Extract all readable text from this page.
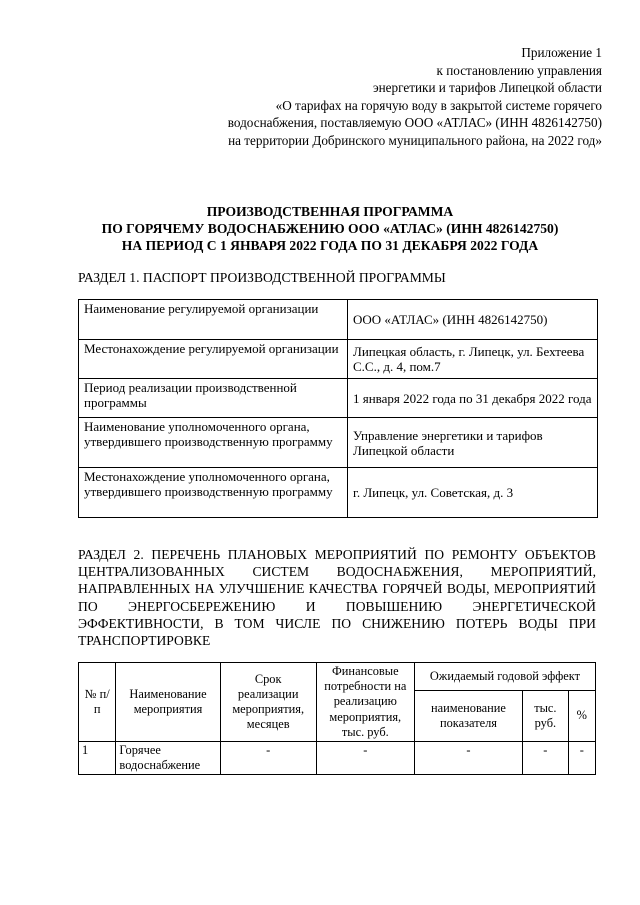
Приложение 1
к постановлению управления
энергетики и тарифов Липецкой области
«О тарифах на горячую воду в закрытой системе горячего
водоснабжения, поставляемую ООО «АТЛАС» (ИНН 4826142750)
на территории Добринского муниципального района, на 2022 год»
ПРОИЗВОДСТВЕННАЯ ПРОГРАММА
ПО ГОРЯЧЕМУ ВОДОСНАБЖЕНИЮ ООО «АТЛАС» (ИНН 4826142750)
НА ПЕРИОД С 1 ЯНВАРЯ 2022 ГОДА ПО 31 ДЕКАБРЯ 2022 ГОДА
РАЗДЕЛ 1. ПАСПОРТ ПРОИЗВОДСТВЕННОЙ ПРОГРАММЫ
Наименование регулируемой организации	ООО «АТЛАС» (ИНН 4826142750)
Местонахождение регулируемой организации	Липецкая область, г. Липецк, ул. Бехтеева С.С., д. 4, пом.7
Период реализации производственной программы	1 января 2022 года по 31 декабря 2022 года
Наименование уполномоченного органа, утвердившего производственную программу	Управление энергетики и тарифов Липецкой области
Местонахождение уполномоченного органа, утвердившего производственную программу	г. Липецк, ул. Советская, д. 3
РАЗДЕЛ 2. ПЕРЕЧЕНЬ ПЛАНОВЫХ МЕРОПРИЯТИЙ ПО РЕМОНТУ ОБЪЕКТОВ ЦЕНТРАЛИЗОВАННЫХ СИСТЕМ ВОДОСНАБЖЕНИЯ, МЕРОПРИЯТИЙ, НАПРАВЛЕННЫХ НА УЛУЧШЕНИЕ КАЧЕСТВА ГОРЯЧЕЙ ВОДЫ, МЕРОПРИЯТИЙ ПО ЭНЕРГОСБЕРЕЖЕНИЮ И ПОВЫШЕНИЮ ЭНЕРГЕТИЧЕСКОЙ ЭФФЕКТИВНОСТИ, В ТОМ ЧИСЛЕ ПО СНИЖЕНИЮ ПОТЕРЬ ВОДЫ ПРИ ТРАНСПОРТИРОВКЕ
№ п/п	Наименование мероприятия	Срок реализации мероприятия, месяцев	Финансовые потребности на реализацию мероприятия, тыс. руб.	Ожидаемый годовой эффект		
				наименование показателя	тыс. руб.	%
1	Горячее водоснабжение	-	-	-	-	-
